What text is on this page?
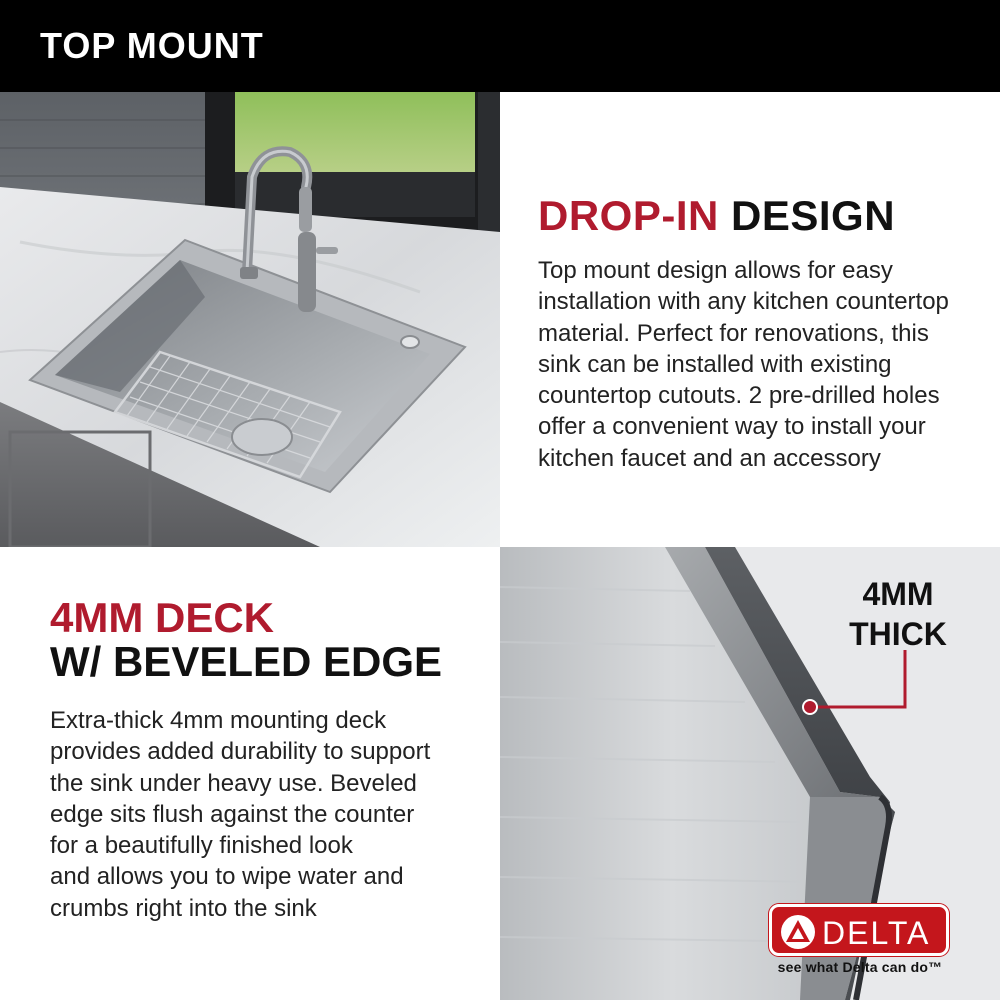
TOP MOUNT
DROP-IN DESIGN
Top mount design allows for easy
installation with any kitchen countertop
material. Perfect for renovations, this
sink can be installed with existing
countertop cutouts. 2 pre-drilled holes
offer a convenient way to install your
kitchen faucet and an accessory
4MM DECK
W/ BEVELED EDGE
Extra-thick 4mm mounting deck
provides added durability to support
the sink under heavy use. Beveled
edge sits flush against the counter
for a beautifully finished look
and allows you to wipe water and
crumbs right into the sink
4MM
THICK
DELTA
see what Delta can do™
